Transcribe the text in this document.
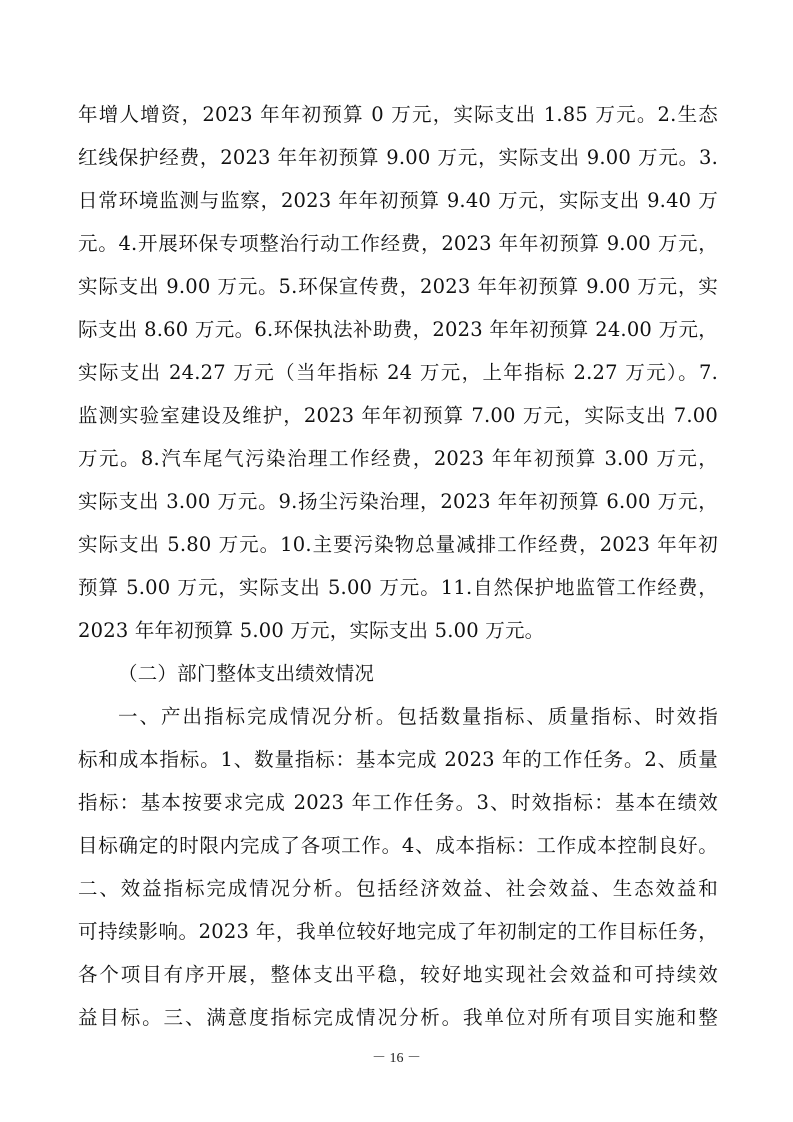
年增人增资，2023 年年初预算 0 万元，实际支出 1.85 万元。2.生态
红线保护经费，2023 年年初预算 9.00 万元，实际支出 9.00 万元。3.
日常环境监测与监察，2023 年年初预算 9.40 万元，实际支出 9.40 万
元。4.开展环保专项整治行动工作经费，2023 年年初预算 9.00 万元，
实际支出 9.00 万元。5.环保宣传费，2023 年年初预算 9.00 万元，实
际支出 8.60 万元。6.环保执法补助费，2023 年年初预算 24.00 万元，
实际支出 24.27 万元（当年指标 24 万元，上年指标 2.27 万元）。7.
监测实验室建设及维护，2023 年年初预算 7.00 万元，实际支出 7.00
万元。8.汽车尾气污染治理工作经费，2023 年年初预算 3.00 万元，
实际支出 3.00 万元。9.扬尘污染治理，2023 年年初预算 6.00 万元，
实际支出 5.80 万元。10.主要污染物总量减排工作经费，2023 年年初
预算 5.00 万元，实际支出 5.00 万元。11.自然保护地监管工作经费，
2023 年年初预算 5.00 万元，实际支出 5.00 万元。
（二）部门整体支出绩效情况
一、产出指标完成情况分析。包括数量指标、质量指标、时效指
标和成本指标。1、数量指标：基本完成 2023 年的工作任务。2、质量
指标：基本按要求完成 2023 年工作任务。3、时效指标：基本在绩效
目标确定的时限内完成了各项工作。4、成本指标：工作成本控制良好。
二、效益指标完成情况分析。包括经济效益、社会效益、生态效益和
可持续影响。2023 年，我单位较好地完成了年初制定的工作目标任务，
各个项目有序开展，整体支出平稳，较好地实现社会效益和可持续效
益目标。三、满意度指标完成情况分析。我单位对所有项目实施和整
－ 16 －
